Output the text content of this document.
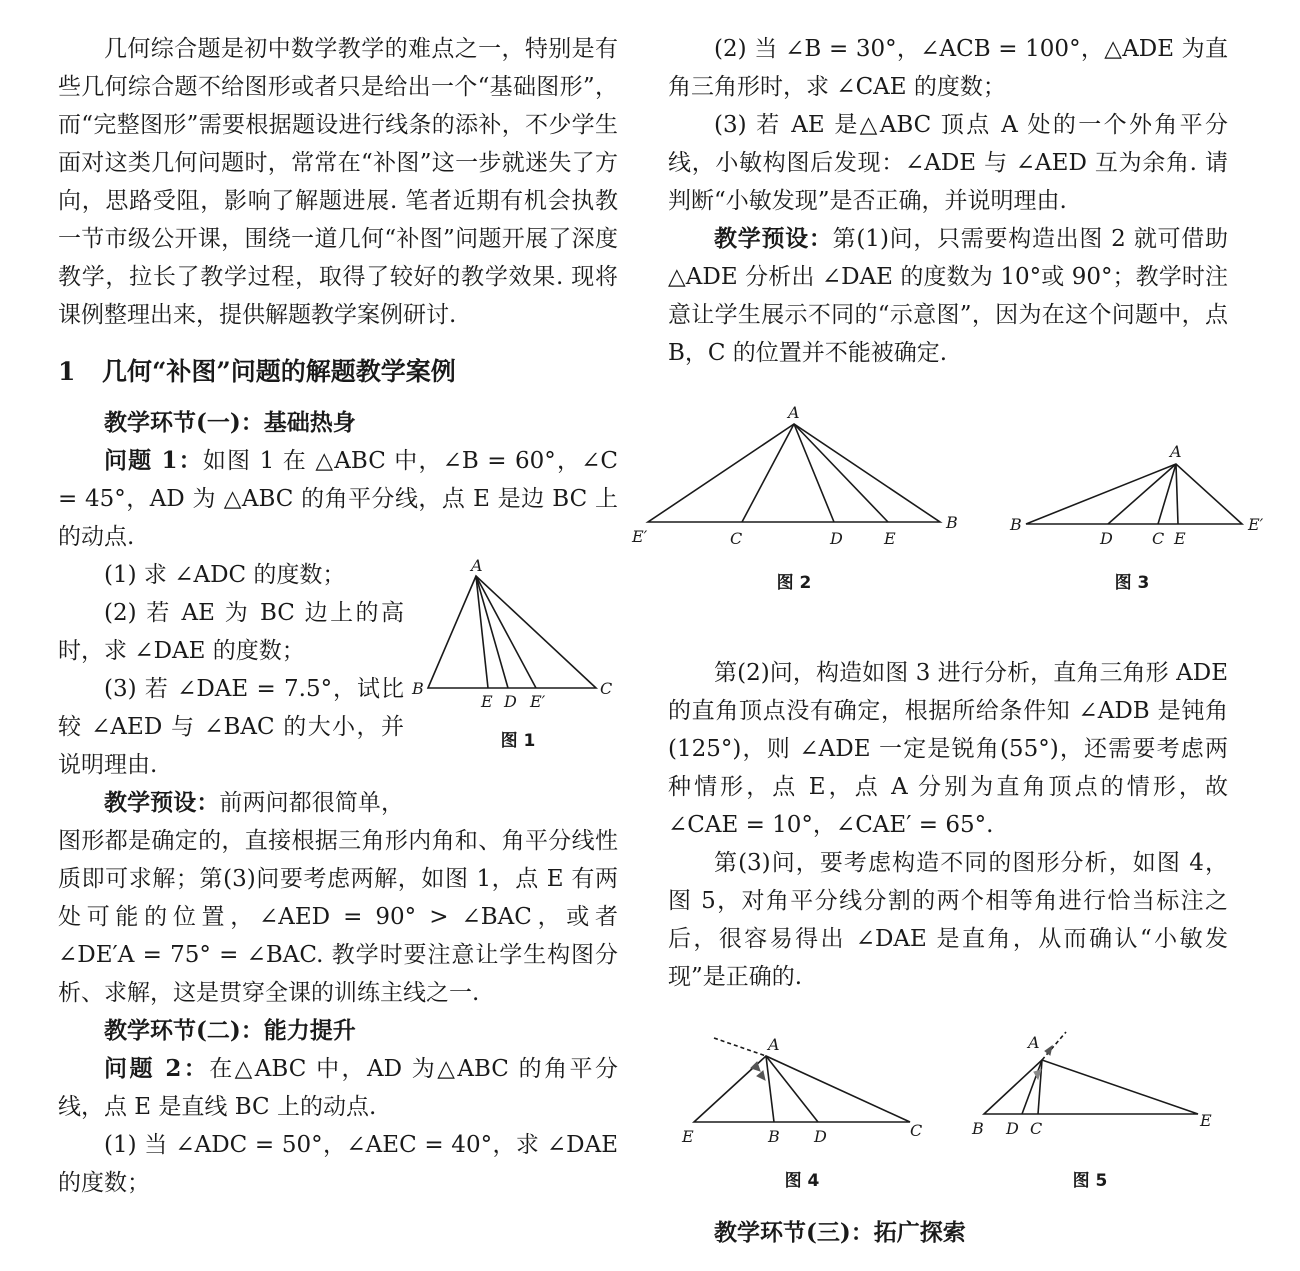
几何综合题是初中数学教学的难点之一，特别是有些几何综合题不给图形或者只是给出一个“基础图形”，而“完整图形”需要根据题设进行线条的添补，不少学生面对这类几何问题时，常常在“补图”这一步就迷失了方向，思路受阻，影响了解题进展. 笔者近期有机会执教一节市级公开课，围绕一道几何“补图”问题开展了深度教学，拉长了教学过程，取得了较好的教学效果. 现将课例整理出来，提供解题教学案例研讨.

1 几何“补图”问题的解题教学案例

教学环节(一)：基础热身

问题 1：如图 1 在 △ABC 中，∠B = 60°，∠C = 45°，AD 为 △ABC 的角平分线，点 E 是边 BC 上的动点.

A
B
E D E′
C
图 1

(1) 求 ∠ADC 的度数；

(2) 若 AE 为 BC 边上的高时，求 ∠DAE 的度数；

(3) 若 ∠DAE = 7.5°，试比较 ∠AED 与 ∠BAC 的大小，并说明理由.

教学预设：前两问都很简单，图形都是确定的，直接根据三角形内角和、角平分线性质即可求解；第(3)问要考虑两解，如图 1，点 E 有两处可能的位置，∠AED = 90° > ∠BAC，或者 ∠DE′A = 75° = ∠BAC. 教学时要注意让学生构图分析、求解，这是贯穿全课的训练主线之一.

教学环节(二)：能力提升

问题 2：在△ABC 中，AD 为△ABC 的角平分线，点 E 是直线 BC 上的动点.

(1) 当 ∠ADC = 50°，∠AEC = 40°，求 ∠DAE 的度数；

(2) 当 ∠B = 30°，∠ACB = 100°，△ADE 为直角三角形时，求 ∠CAE 的度数；

(3) 若 AE 是△ABC 顶点 A 处的一个外角平分线，小敏构图后发现：∠ADE 与 ∠AED 互为余角. 请判断“小敏发现”是否正确，并说明理由.

教学预设：第(1)问，只需要构造出图 2 就可借助△ADE 分析出 ∠DAE 的度数为 10°或 90°；教学时注意让学生展示不同的“示意图”，因为在这个问题中，点 B，C 的位置并不能被确定.

A
E′	C	D	E
B
A
B
D C E
E′
图 2	图 3

第(2)问，构造如图 3 进行分析，直角三角形 ADE 的直角顶点没有确定，根据所给条件知 ∠ADB 是钝角(125°)，则 ∠ADE 一定是锐角(55°)，还需要考虑两种情形，点 E，点 A 分别为直角顶点的情形，故 ∠CAE = 10°，∠CAE′ = 65°.

第(3)问，要考虑构造不同的图形分析，如图 4，图 5，对角平分线分割的两个相等角进行恰当标注之后，很容易得出 ∠DAE 是直角，从而确认“小敏发现”是正确的.

A
E	B D	C
A
B D C	E
图 4	图 5

教学环节(三)：拓广探索
